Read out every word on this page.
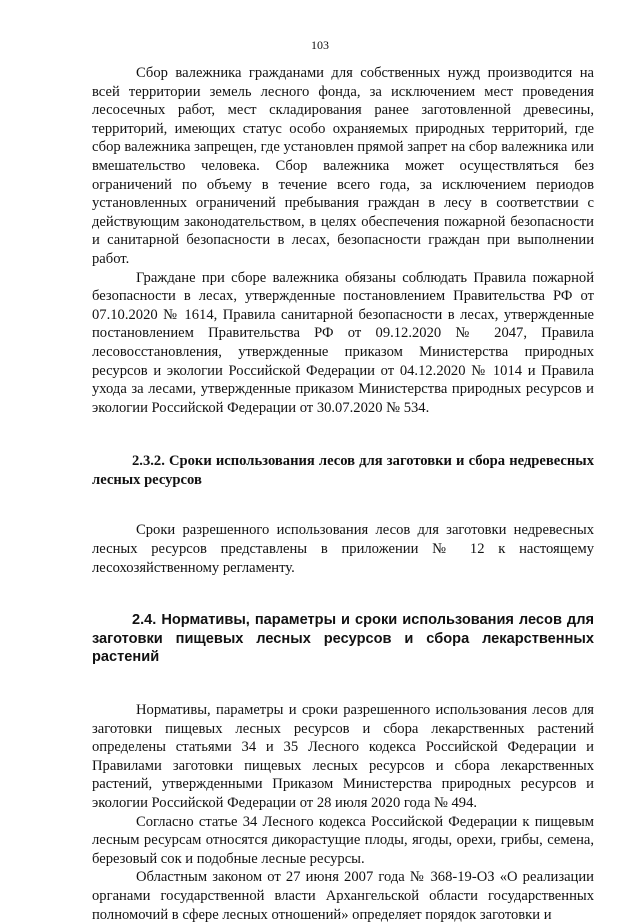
103

Сбор валежника гражданами для собственных нужд производится на всей территории земель лесного фонда, за исключением мест проведения лесосечных работ, мест складирования ранее заготовленной древесины, территорий, имеющих статус особо охраняемых природных территорий, где сбор валежника запрещен, где установлен прямой запрет на сбор валежника или вмешательство человека. Сбор валежника может осуществляться без ограничений по объему в течение всего года, за исключением периодов установленных ограничений пребывания граждан в лесу в соответствии с действующим законодательством, в целях обеспечения пожарной безопасности и санитарной безопасности в лесах, безопасности граждан при выполнении работ.

Граждане при сборе валежника обязаны соблюдать Правила пожарной безопасности в лесах, утвержденные постановлением Правительства РФ от 07.10.2020 № 1614, Правила санитарной безопасности в лесах, утвержденные постановлением Правительства РФ от 09.12.2020 № 2047, Правила лесовосстановления, утвержденные приказом Министерства природных ресурсов и экологии Российской Федерации от 04.12.2020 № 1014 и Правила ухода за лесами, утвержденные приказом Министерства природных ресурсов и экологии Российской Федерации от 30.07.2020 № 534.

2.3.2. Сроки использования лесов для заготовки и сбора недревесных лесных ресурсов

Сроки разрешенного использования лесов для заготовки недревесных лесных ресурсов представлены в приложении № 12 к настоящему лесохозяйственному регламенту.

2.4. Нормативы, параметры и сроки использования лесов для заготовки пищевых лесных ресурсов и сбора лекарственных растений

Нормативы, параметры и сроки разрешенного использования лесов для заготовки пищевых лесных ресурсов и сбора лекарственных растений определены статьями 34 и 35 Лесного кодекса Российской Федерации и Правилами заготовки пищевых лесных ресурсов и сбора лекарственных растений, утвержденными Приказом Министерства природных ресурсов и экологии Российской Федерации от 28 июля 2020 года № 494.

Согласно статье 34 Лесного кодекса Российской Федерации к пищевым лесным ресурсам относятся дикорастущие плоды, ягоды, орехи, грибы, семена, березовый сок и подобные лесные ресурсы.

Областным законом от 27 июня 2007 года № 368-19-ОЗ «О реализации органами государственной власти Архангельской области государственных полномочий в сфере лесных отношений» определяет порядок заготовки и
